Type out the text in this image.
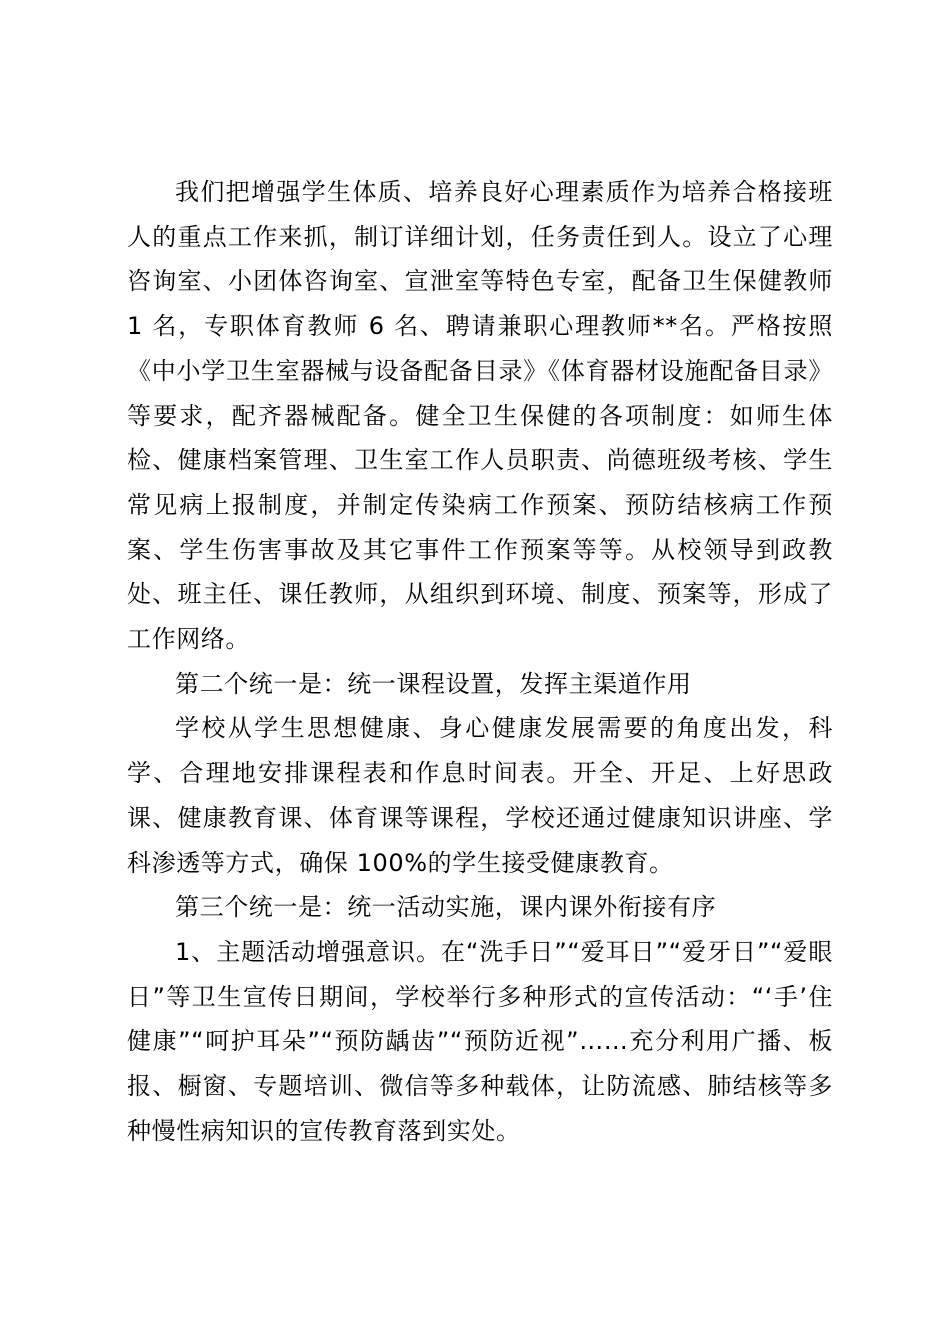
我们把增强学生体质、培养良好心理素质作为培养合格接班人的重点工作来抓，制订详细计划，任务责任到人。设立了心理咨询室、小团体咨询室、宣泄室等特色专室，配备卫生保健教师 1 名，专职体育教师 6 名、聘请兼职心理教师**名。严格按照《中小学卫生室器械与设备配备目录》《体育器材设施配备目录》等要求，配齐器械配备。健全卫生保健的各项制度：如师生体检、健康档案管理、卫生室工作人员职责、尚德班级考核、学生常见病上报制度，并制定传染病工作预案、预防结核病工作预案、学生伤害事故及其它事件工作预案等等。从校领导到政教处、班主任、课任教师，从组织到环境、制度、预案等，形成了工作网络。

第二个统一是：统一课程设置，发挥主渠道作用

学校从学生思想健康、身心健康发展需要的角度出发，科学、合理地安排课程表和作息时间表。开全、开足、上好思政课、健康教育课、体育课等课程，学校还通过健康知识讲座、学科渗透等方式，确保 100%的学生接受健康教育。

第三个统一是：统一活动实施，课内课外衔接有序

1、主题活动增强意识。在“洗手日”“爱耳日”“爱牙日”“爱眼日”等卫生宣传日期间，学校举行多种形式的宣传活动：“‘手’住健康”“呵护耳朵”“预防龋齿”“预防近视”……充分利用广播、板报、橱窗、专题培训、微信等多种载体，让防流感、肺结核等多种慢性病知识的宣传教育落到实处。
